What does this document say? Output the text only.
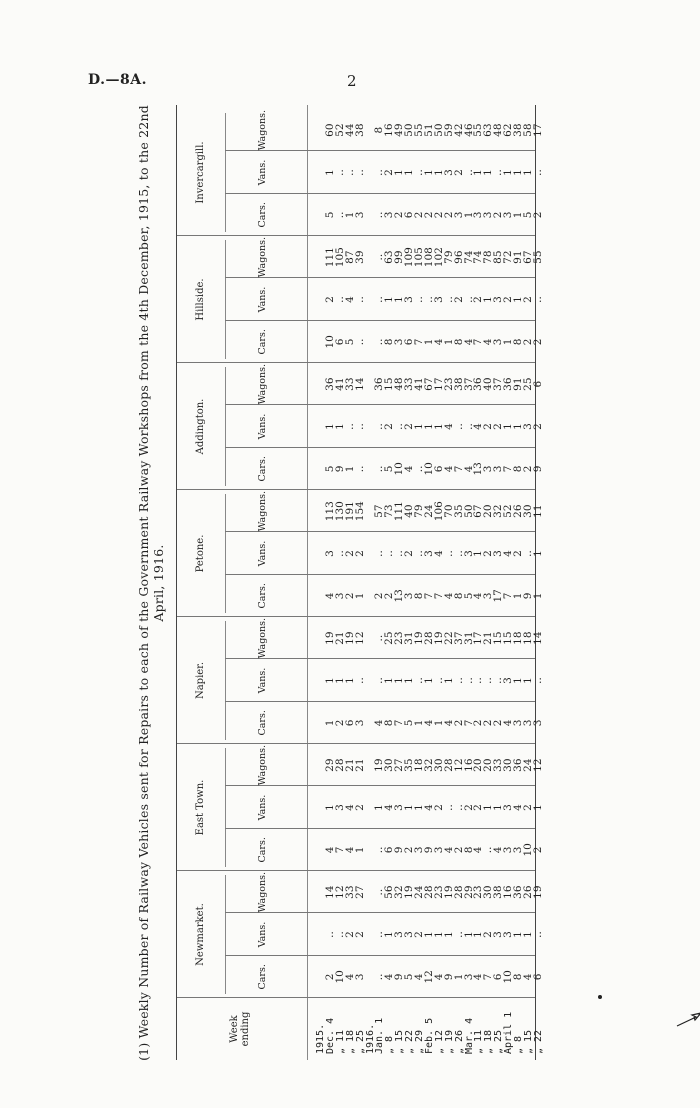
D.—8A.	2
(1) Weekly Number of Railway Vehicles sent for Repairs to each of the Government Railway Workshops from the 4th December, 1915, to the 22nd April, 1916.
Week ending
Newmarket.
Cars.
Vans.
Wagons.
East Town.
Cars.
Vans.
Wagons.
Napier.
Cars.
Vans.
Wagons.
Petone.
Cars.
Vans.
Wagons.
Addington.
Cars.
Vans.
Wagons.
Hillside.
Cars.
Vans.
Wagons.
Invercargill.
Cars.
Vans.
Wagons.
1915.
Dec. 4
2
..
14
4
1
29
1
1
19
4
3
113
5
1
36
10
2
111
5
1
60
„ 11
10
..
12
7
3
28
2
1
21
3
..
130
9
1
41
6
..
105
..
..
52
„ 18
4
2
33
4
4
21
6
1
19
2
2
191
1
..
33
5
4
87
1
..
44
„ 25
3
2
27
1
2
21
3
..
12
1
2
154
..
..
14
..
..
39
3
..
38
1916.
Jan. 1
..
..
..
..
1
19
4
..
..
2
..
57
..
..
36
..
..
..
..
..
8
„ 8
4
1
56
6
4
30
8
1
25
2
..
73
5
2
15
8
1
63
3
2
16
„ 15
9
3
32
9
3
27
7
1
23
13
..
111
10
..
48
3
1
99
2
1
49
„ 22
5
3
19
2
1
35
5
1
31
3
2
40
4
2
33
6
3
109
6
1
50
„ 29
4
2
24
3
1
18
1
..
19
8
..
79
..
1
41
7
..
105
2
..
55
Feb. 5
12
1
28
9
4
32
4
1
28
7
3
24
10
1
67
1
..
108
2
1
51
„ 12
4
1
23
3
2
30
1
..
19
7
4
106
6
1
17
4
3
102
2
1
50
„ 19
9
1
19
4
..
28
4
1
22
4
..
70
4
4
23
1
..
79
2
3
59
„ 26
1
..
28
2
..
12
2
..
37
8
..
35
7
..
38
8
2
96
3
2
42
Mar. 4
3
1
29
8
2
16
7
..
31
5
3
50
4
..
37
4
..
74
1
..
46
„ 11
4
1
23
4
2
20
2
..
17
4
1
67
13
4
36
7
2
74
3
1
55
„ 18
7
2
30
..
1
20
2
..
21
3
2
20
3
2
40
4
1
78
3
1
63
„ 25
6
3
38
4
1
33
2
..
15
17
3
32
3
2
37
3
3
85
2
..
48
April 1
10
3
16
3
3
30
4
3
15
7
4
52
7
1
36
1
2
72
3
1
62
„ 8
8
1
36
3
4
36
3
1
18
1
2
26
8
1
91
8
1
91
1
1
38
„ 15
4
1
26
10
2
24
3
1
18
9
..
30
2
3
25
2
2
67
5
1
58
„ 22
6
..
19
2
1
12
3
..
14
1
1
11
9
2
6
2
..
55
2
..
17
